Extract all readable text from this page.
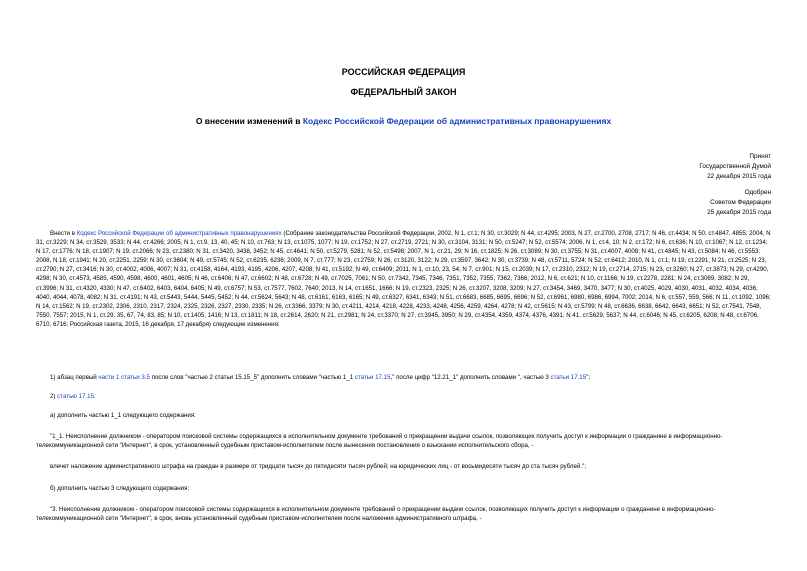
РОССИЙСКАЯ ФЕДЕРАЦИЯ
ФЕДЕРАЛЬНЫЙ ЗАКОН
О внесении изменений в Кодекс Российской Федерации об административных правонарушениях
Принят
Государственной Думой
22 декабря 2015 года
Одобрен
Советом Федерации
25 декабря 2015 года
Внести в Кодекс Российской Федерации об административных правонарушениях (Собрание законодательства Российской Федерации, 2002, N 1, ст.1; N 30, ст.3029; N 44, ст.4295; 2003, N 27, ст.2700, 2708, 2717; N 46, ст.4434; N 50, ст.4847, 4855; 2004, N 31, ст.3229; N 34, ст.3529, 3533; N 44, ст.4266; 2005, N 1, ст.9, 13, 40, 45; N 10, ст.763; N 13, ст.1075, 1077; N 19, ст.1752; N 27, ст.2719, 2721; N 30, ст.3104, 3131; N 50, ст.5247; N 52, ст.5574; 2006, N 1, ст.4, 10; N 2, ст.172; N 6, ст.636; N 10, ст.1067; N 12, ст.1234; N 17, ст.1776; N 18, ст.1907; N 19, ст.2066; N 23, ст.2380; N 31, ст.3420, 3438, 3452; N 45, ст.4641; N 50, ст.5279, 5281; N 52, ст.5498; 2007, N 1, ст.21, 29; N 16, ст.1825; N 26, ст.3089; N 30, ст.3755; N 31, ст.4007, 4008; N 41, ст.4845; N 43, ст.5084; N 46, ст.5553; 2008, N 18, ст.1941; N 20, ст.2251, 2259; N 30, ст.3604; N 49, ст.5745; N 52, ст.6235, 6236; 2009, N 7, ст.777; N 23, ст.2759; N 26, ст.3120, 3122; N 29, ст.3597, 3642; N 30, ст.3739; N 48, ст.5711, 5724; N 52, ст.6412; 2010, N 1, ст.1; N 19, ст.2291; N 21, ст.2525; N 23, ст.2790; N 27, ст.3416; N 30, ст.4002, 4006, 4007; N 31, ст.4158, 4164, 4193, 4195, 4206, 4207, 4208; N 41, ст.5192; N 49, ст.6409; 2011, N 1, ст.10, 23, 54; N 7, ст.901; N 15, ст.2039; N 17, ст.2310, 2312; N 19, ст.2714, 2715; N 23, ст.3260; N 27, ст.3873; N 29, ст.4290, 4298; N 30, ст.4573, 4585, 4590, 4598, 4600, 4601, 4605; N 46, ст.6406; N 47, ст.6602; N 48, ст.6728; N 49, ст.7025, 7061; N 50, ст.7342, 7345, 7346, 7351, 7352, 7355, 7362, 7366; 2012, N 6, ст.621; N 10, ст.1166; N 19, ст.2278, 2281; N 24, ст.3069, 3082; N 29, ст.3996; N 31, ст.4320, 4330; N 47, ст.6402, 6403, 6404, 6405; N 49, ст.6757; N 53, ст.7577, 7602, 7640; 2013, N 14, ст.1651, 1666; N 19, ст.2323, 2325; N 26, ст.3207, 3208, 3209; N 27, ст.3454, 3469, 3470, 3477; N 30, ст.4025, 4029, 4030, 4031, 4032, 4034, 4036, 4040, 4044, 4078, 4082; N 31, ст.4191; N 43, ст.5443, 5444, 5445, 5452; N 44, ст.5624, 5643; N 48, ст.6161, 6163, 6165; N 49, ст.6327, 6341, 6343; N 51, ст.6683, 6685, 6695, 6696; N 52, ст.6961, 6980, 6986, 6994, 7002; 2014, N 6, ст.557, 559, 566; N 11, ст.1092, 1096; N 14, ст.1562; N 19, ст.2302, 2306, 2310, 2317, 2324, 2325, 2326, 2327, 2330, 2335; N 26, ст.3366, 3379; N 30, ст.4211, 4214, 4218, 4228, 4233, 4248, 4256, 4259, 4264, 4278; N 42, ст.5615; N 43, ст.5799; N 48, ст.6636, 6638, 6642, 6643, 6651; N 52, ст.7541, 7548, 7550, 7557; 2015, N 1, ст.29, 35, 67, 74, 83, 85; N 10, ст.1405, 1416; N 13, ст.1811; N 18, ст.2614, 2620; N 21, ст.2981; N 24, ст.3370; N 27, ст.3945, 3950; N 29, ст.4354, 4359, 4374, 4376, 4391; N 41, ст.5629, 5637; N 44, ст.6046; N 45, ст.6205, 6208; N 48, ст.6706, 6710, 6716; Российская газета, 2015, 16 декабря, 17 декабря) следующие изменения:
1) абзац первый части 1 статьи 3.5 после слов "частью 2 статьи 15.15_5" дополнить словами "частью 1_1 статьи 17.15," после цифр "12.21_1" дополнить словами ", частью 3 статьи 17.15";
2) статью 17.15:
а) дополнить частью 1_1 следующего содержания:
"1_1. Неисполнение должником - оператором поисковой системы содержащихся в исполнительном документе требований о прекращении выдачи ссылок, позволяющих получить доступ к информации о гражданине в информационно-телекоммуникационной сети "Интернет", в срок, установленный судебным приставом-исполнителем после вынесения постановления о взыскании исполнительского сбора, -
влечет наложение административного штрафа на граждан в размере от тридцати тысяч до пятидесяти тысяч рублей; на юридических лиц - от восьмидесяти тысяч до ста тысяч рублей.";
б) дополнить частью 3 следующего содержания:
"3. Неисполнение должником - оператором поисковой системы содержащихся в исполнительном документе требований о прекращении выдачи ссылок, позволяющих получить доступ к информации о гражданине в информационно-телекоммуникационной сети "Интернет", в срок, вновь установленный судебным приставом-исполнителем после наложения административного штрафа, -
